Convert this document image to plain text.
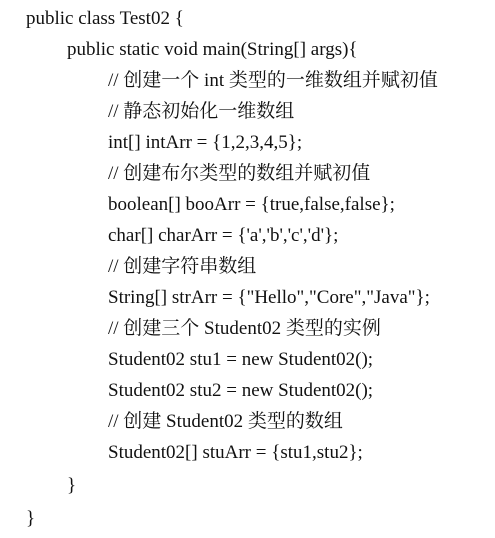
public class Test02 {
public static void main(String[] args){
// 创建一个 int 类型的一维数组并赋初值
// 静态初始化一维数组
int[] intArr = {1,2,3,4,5};
// 创建布尔类型的数组并赋初值
boolean[] booArr = {true,false,false};
char[] charArr = {'a','b','c','d'};
// 创建字符串数组
String[] strArr = {"Hello","Core","Java"};
// 创建三个 Student02 类型的实例
Student02 stu1 = new Student02();
Student02 stu2 = new Student02();
// 创建 Student02 类型的数组
Student02[] stuArr = {stu1,stu2};
}
}
